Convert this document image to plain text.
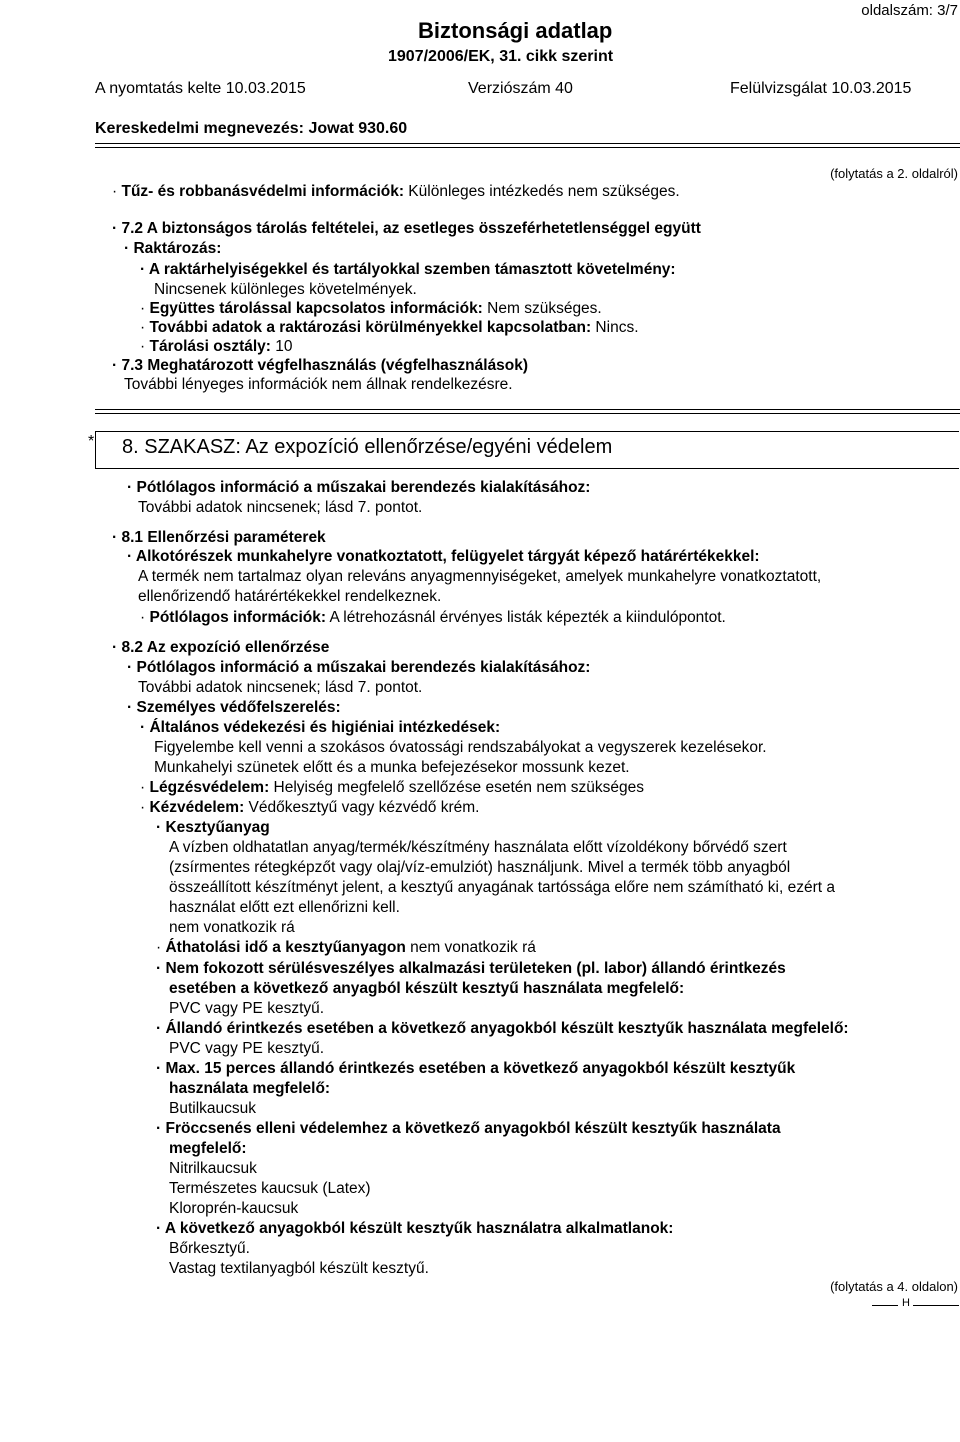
oldalszám: 3/7
Biztonsági adatlap
1907/2006/EK, 31. cikk szerint
A nyomtatás kelte 10.03.2015	Verziószám 40	Felülvizsgálat 10.03.2015
Kereskedelmi megnevezés: Jowat 930.60
(folytatás a 2. oldalról)
· Tűz- és robbanásvédelmi információk: Különleges intézkedés nem szükséges.
· 7.2 A biztonságos tárolás feltételei, az esetleges összeférhetetlenséggel együtt
· Raktározás:
· A raktárhelyiségekkel és tartályokkal szemben támasztott követelmény:
Nincsenek különleges követelmények.
· Együttes tárolással kapcsolatos információk: Nem szükséges.
· További adatok a raktározási körülményekkel kapcsolatban: Nincs.
· Tárolási osztály: 10
· 7.3 Meghatározott végfelhasználás (végfelhasználások)
További lényeges információk nem állnak rendelkezésre.
* 8. SZAKASZ: Az expozíció ellenőrzése/egyéni védelem
· Pótlólagos információ a műszakai berendezés kialakításához:
További adatok nincsenek; lásd 7. pontot.
· 8.1 Ellenőrzési paraméterek
· Alkotórészek munkahelyre vonatkoztatott, felügyelet tárgyát képező határértékekkel:
A termék nem tartalmaz olyan releváns anyagmennyiségeket, amelyek munkahelyre vonatkoztatott,
ellenőrizendő határértékekkel rendelkeznek.
· Pótlólagos információk: A létrehozásnál érvényes listák képezték a kiindulópontot.
· 8.2 Az expozíció ellenőrzése
· Pótlólagos információ a műszakai berendezés kialakításához:
További adatok nincsenek; lásd 7. pontot.
· Személyes védőfelszerelés:
· Általános védekezési és higiéniai intézkedések:
Figyelembe kell venni a szokásos óvatossági rendszabályokat a vegyszerek kezelésekor.
Munkahelyi szünetek előtt és a munka befejezésekor mossunk kezet.
· Légzésvédelem: Helyiség megfelelő szellőzése esetén nem szükséges
· Kézvédelem: Védőkesztyű vagy kézvédő krém.
· Kesztyűanyag
A vízben oldhatatlan anyag/termék/készítmény használata előtt vízoldékony bőrvédő szert
(zsírmentes rétegképzőt vagy olaj/víz-emulziót) használjunk. Mivel a termék több anyagból
összeállított készítményt jelent, a kesztyű anyagának tartóssága előre nem számítható ki, ezért a
használat előtt ezt ellenőrizni kell.
nem vonatkozik rá
· Áthatolási idő a kesztyűanyagon nem vonatkozik rá
· Nem fokozott sérülésveszélyes alkalmazási területeken (pl. labor) állandó érintkezés
esetében a következő anyagból készült kesztyű használata megfelelő:
PVC vagy PE kesztyű.
· Állandó érintkezés esetében a következő anyagokból készült kesztyűk használata megfelelő:
PVC vagy PE kesztyű.
· Max. 15 perces állandó érintkezés esetében a következő anyagokból készült kesztyűk
használata megfelelő:
Butilkaucsuk
· Fröccsenés elleni védelemhez a következő anyagokból készült kesztyűk használata
megfelelő:
Nitrilkaucsuk
Természetes kaucsuk (Latex)
Kloroprén-kaucsuk
· A következő anyagokból készült kesztyűk használatra alkalmatlanok:
Bőrkesztyű.
Vastag textilanyagból készült kesztyű.
(folytatás a 4. oldalon)
H
